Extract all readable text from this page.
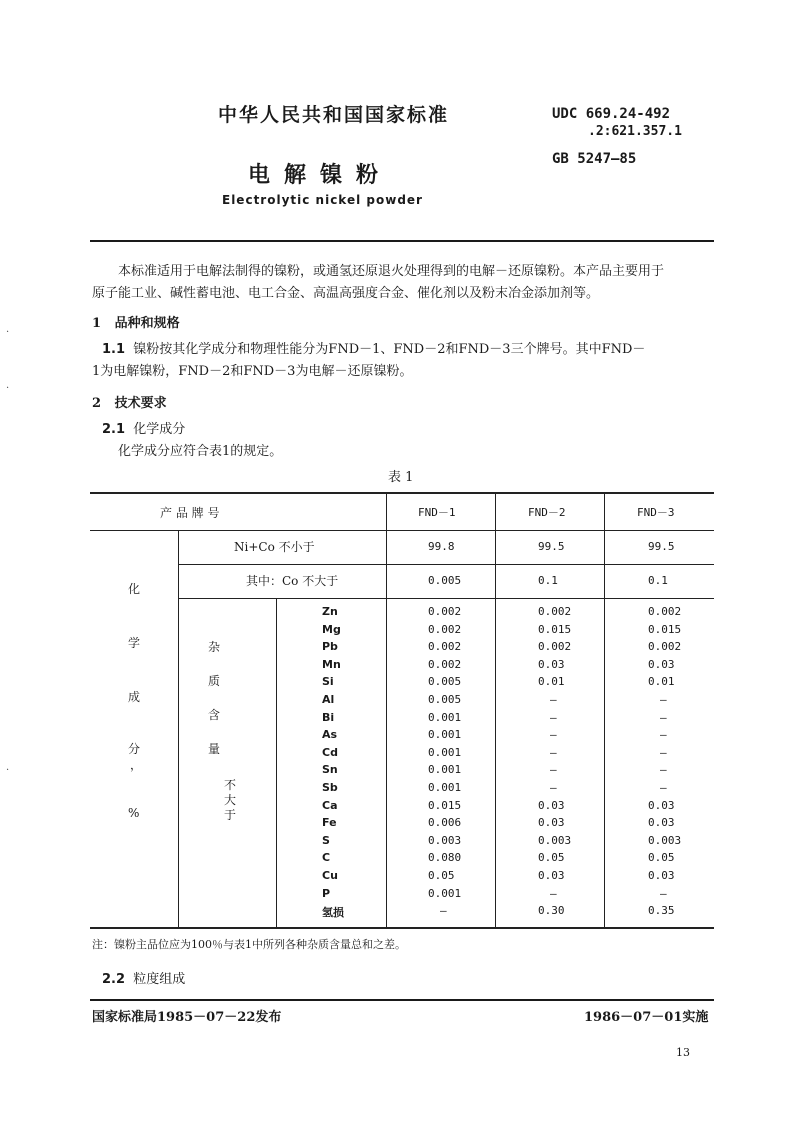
中华人民共和国国家标准	UDC 669.24-492
.2:621.357.1
GB 5247—85
电解镍粉
Electrolytic nickel powder
本标准适用于电解法制得的镍粉，或通氢还原退火处理得到的电解－还原镍粉。本产品主要用于
原子能工业、碱性蓄电池、电工合金、高温高强度合金、催化剂以及粉末冶金添加剂等。
1 品种和规格
1.1 镍粉按其化学成分和物理性能分为FND－1、FND－2和FND－3三个牌号。其中FND－
1为电解镍粉，FND－2和FND－3为电解－还原镍粉。
2 技术要求
2.1 化学成分
化学成分应符合表1的规定。
表 1
产 品 牌 号	FND－1	FND－2	FND－3
化
学
成
分
，
%
Ni+Co 不小于	99.8	99.5	99.5
其中：Co 不大于	0.005	0.1	0.1
杂
质
含
量
不
大
于
Zn	0.002	0.002	0.002
Mg	0.002	0.015	0.015
Pb	0.002	0.002	0.002
Mn	0.002	0.03	0.03
Si	0.005	0.01	0.01
Al	0.005	—	—
Bi	0.001	—	—
As	0.001	—	—
Cd	0.001	—	—
Sn	0.001	—	—
Sb	0.001	—	—
Ca	0.015	0.03	0.03
Fe	0.006	0.03	0.03
S	0.003	0.003	0.003
C	0.080	0.05	0.05
Cu	0.05	0.03	0.03
P	0.001	—	—
氢损	—	0.30	0.35
注：镍粉主品位应为100％与表1中所列各种杂质含量总和之差。
2.2 粒度组成
国家标准局1985－07－22发布	1986－07－01实施
13
·
·
·
